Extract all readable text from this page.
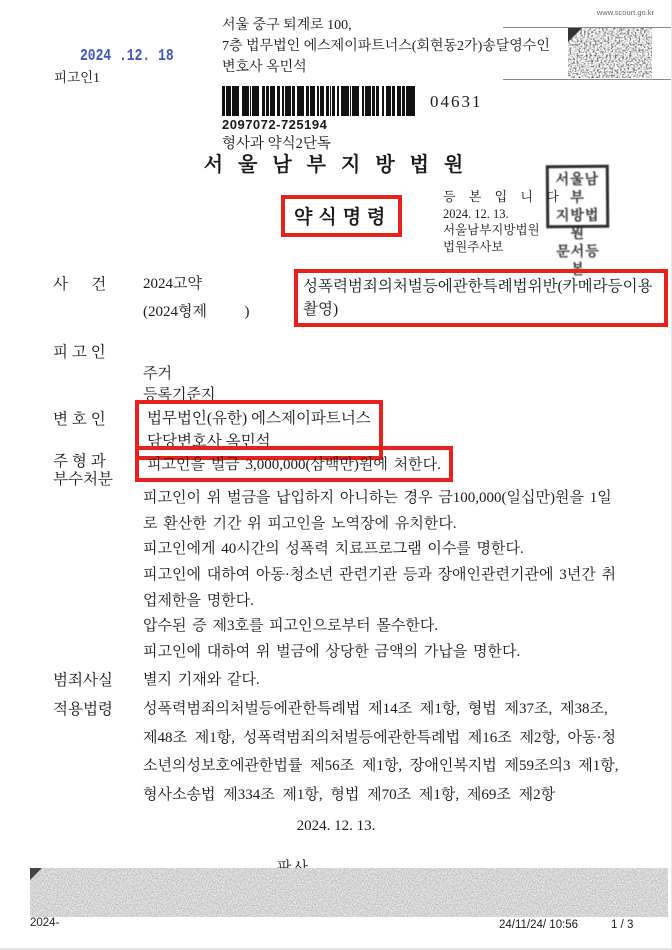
2024 .12. 18
피고인1
서울 중구 퇴계로 100,
7층 법무법인 에스제이파트너스(회현동2가)송달영수인
변호사 옥민석
www.scourt.go.kr
2097072-725194
형사과 약식2단독
04631
서 울 남 부 지 방 법 원
약식명령
등 본 입 니 다
2024. 12. 13.
서울남부지방법원
법원주사보
서울남부
지방법원
문서등본
사      건 2024고약
(2024형제          )
성폭력범죄의처벌등에관한특례법위반(카메라등이용촬영)
피 고 인
주거
등록기준지
변 호 인	법무법인(유한) 에스제이파트너스
담당변호사 옥민석
주 형 과
부수처분
피고인을 벌금 3,000,000(삼백만)원에 처한다.
피고인이 위 벌금을 납입하지 아니하는 경우 금100,000(일십만)원을 1일
로 환산한 기간 위 피고인을 노역장에 유치한다.
피고인에게 40시간의 성폭력 치료프로그램 이수를 명한다.
피고인에 대하여 아동·청소년 관련기관 등과 장애인관련기관에 3년간 취
업제한을 명한다.
압수된 증 제3호를 피고인으로부터 몰수한다.
피고인에 대하여 위 벌금에 상당한 금액의 가납을 명한다.
범죄사실 별지 기재와 같다.
적용법령 성폭력범죄의처벌등에관한특례법 제14조 제1항, 형법 제37조, 제38조,
제48조 제1항, 성폭력범죄의처벌등에관한특례법 제16조 제2항, 아동·청
소년의성보호에관한법률 제56조 제1항, 장애인복지법 제59조의3 제1항,
형사소송법 제334조 제1항, 형법 제70조 제1항, 제69조 제2항
2024. 12. 13.
2024-	24/11/24/ 10:56	1 / 3
